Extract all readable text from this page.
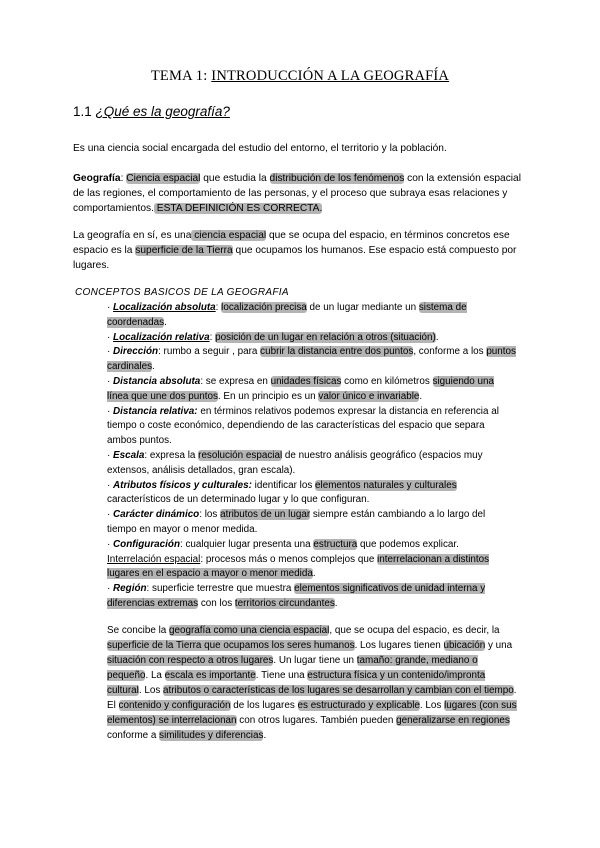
TEMA 1: INTRODUCCIÓN A LA GEOGRAFÍA
1.1 ¿Qué es la geografía?
Es una ciencia social encargada del estudio del entorno, el territorio y la población.
Geografía: Ciencia espacial que estudia la distribución de los fenómenos con la extensión espacial de las regiones, el comportamiento de las personas, y el proceso que subraya esas relaciones y comportamientos. ESTA DEFINICIÓN ES CORRECTA.
La geografía en sí, es una ciencia espacial que se ocupa del espacio, en términos concretos ese espacio es la superficie de la Tierra que ocupamos los humanos. Ese espacio está compuesto por lugares.
CONCEPTOS BASICOS DE LA GEOGRAFIA

· Localización absoluta: localización precisa de un lugar mediante un sistema de coordenadas.

· Localización relativa: posición de un lugar en relación a otros (situación).

· Dirección: rumbo a seguir , para cubrir la distancia entre dos puntos, conforme a los puntos cardinales.

· Distancia absoluta: se expresa en unidades físicas como en kilómetros siguiendo una línea que une dos puntos. En un principio es un valor único e invariable.

· Distancia relativa: en términos relativos podemos expresar la distancia en referencia al tiempo o coste económico, dependiendo de las características del espacio que separa ambos puntos.

· Escala: expresa la resolución espacial de nuestro análisis geográfico (espacios muy extensos, análisis detallados, gran escala).

· Atributos físicos y culturales: identificar los elementos naturales y culturales característicos de un determinado lugar y lo que configuran.

· Carácter dinámico: los atributos de un lugar siempre están cambiando a lo largo del tiempo en mayor o menor medida.

· Configuración: cualquier lugar presenta una estructura que podemos explicar.

Interrelación espacial: procesos más o menos complejos que interrelacionan a distintos lugares en el espacio a mayor o menor medida.

· Región: superficie terrestre que muestra elementos significativos de unidad interna y diferencias extremas con los territorios circundantes.

Se concibe la geografía como una ciencia espacial, que se ocupa del espacio, es decir, la superficie de la Tierra que ocupamos los seres humanos. Los lugares tienen ubicación y una situación con respecto a otros lugares. Un lugar tiene un tamaño: grande, mediano o pequeño. La escala es importante. Tiene una estructura física y un contenido/impronta cultural. Los atributos o características de los lugares se desarrollan y cambian con el tiempo. El contenido y configuración de los lugares es estructurado y explicable. Los lugares (con sus elementos) se interrelacionan con otros lugares. También pueden generalizarse en regiones conforme a similitudes y diferencias.
